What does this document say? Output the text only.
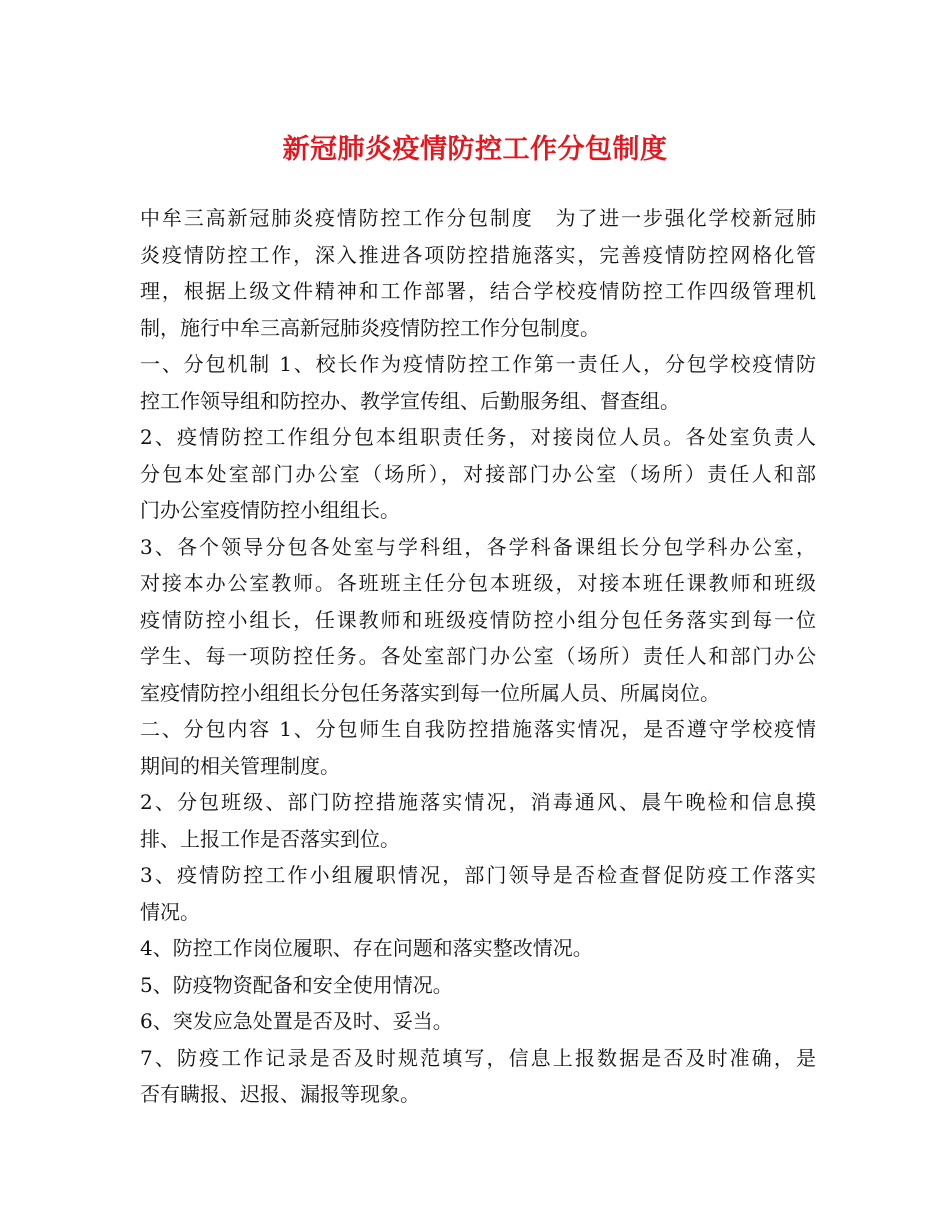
新冠肺炎疫情防控工作分包制度
中牟三高新冠肺炎疫情防控工作分包制度　为了进一步强化学校新冠肺
炎疫情防控工作，深入推进各项防控措施落实，完善疫情防控网格化管
理，根据上级文件精神和工作部署，结合学校疫情防控工作四级管理机
制，施行中牟三高新冠肺炎疫情防控工作分包制度。
一、分包机制 1、校长作为疫情防控工作第一责任人，分包学校疫情防
控工作领导组和防控办、教学宣传组、后勤服务组、督查组。
2、疫情防控工作组分包本组职责任务，对接岗位人员。各处室负责人
分包本处室部门办公室（场所），对接部门办公室（场所）责任人和部
门办公室疫情防控小组组长。
3、各个领导分包各处室与学科组，各学科备课组长分包学科办公室，
对接本办公室教师。各班班主任分包本班级，对接本班任课教师和班级
疫情防控小组长，任课教师和班级疫情防控小组分包任务落实到每一位
学生、每一项防控任务。各处室部门办公室（场所）责任人和部门办公
室疫情防控小组组长分包任务落实到每一位所属人员、所属岗位。
二、分包内容 1、分包师生自我防控措施落实情况，是否遵守学校疫情
期间的相关管理制度。
2、分包班级、部门防控措施落实情况，消毒通风、晨午晚检和信息摸
排、上报工作是否落实到位。
3、疫情防控工作小组履职情况，部门领导是否检查督促防疫工作落实
情况。
4、防控工作岗位履职、存在问题和落实整改情况。
5、防疫物资配备和安全使用情况。
6、突发应急处置是否及时、妥当。
7、防疫工作记录是否及时规范填写，信息上报数据是否及时准确，是
否有瞒报、迟报、漏报等现象。
